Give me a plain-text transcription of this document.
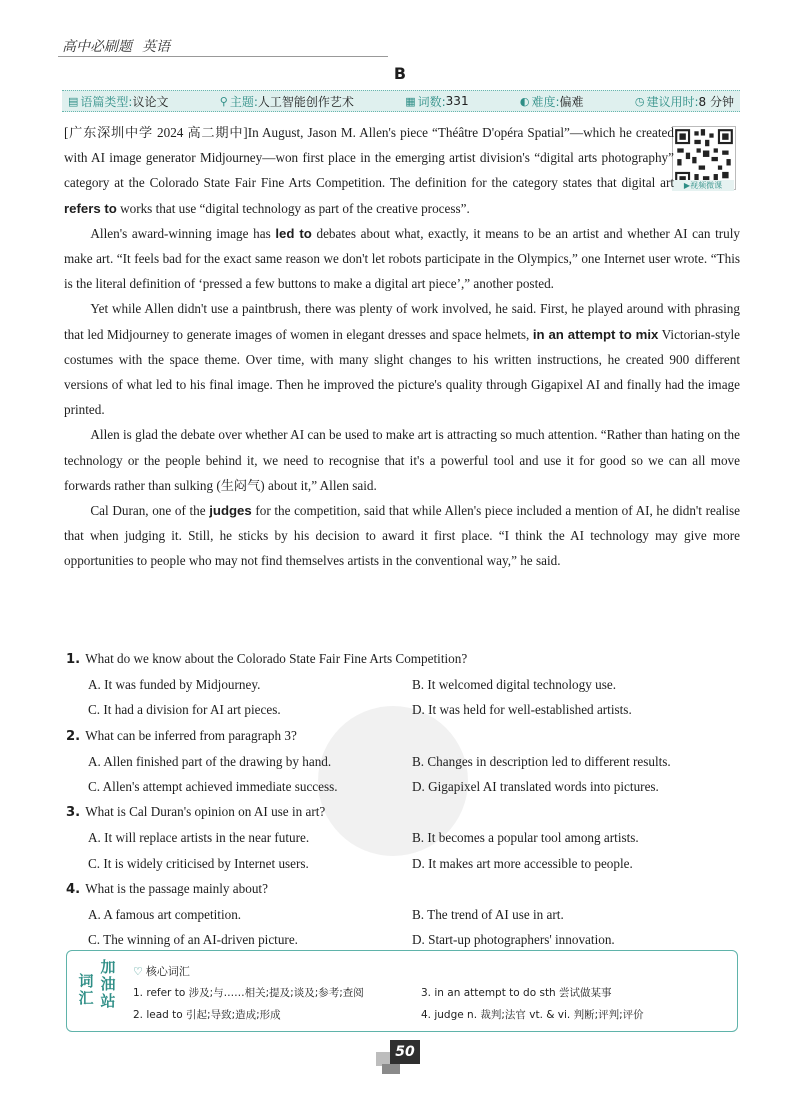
高中必刷题 英语
B
▤ 语篇类型: 议论文	⚲ 主题: 人工智能创作艺术	▦ 词数: 331	◐ 难度: 偏难	◷ 建议用时: 8 分钟
▶视频微课

[广东深圳中学 2024 高二期中]In August, Jason M. Allen's piece “Théâtre D'opéra Spatial”—which he created with AI image generator Midjourney—won first place in the emerging artist division's “digital arts photography” category at the Colorado State Fair Fine Arts Competition. The definition for the category states that digital art refers to works that use “digital technology as part of the creative process”.

Allen's award-winning image has led to debates about what, exactly, it means to be an artist and whether AI can truly make art. “It feels bad for the exact same reason we don't let robots participate in the Olympics,” one Internet user wrote. “This is the literal definition of ‘pressed a few buttons to make a digital art piece’,” another posted.

Yet while Allen didn't use a paintbrush, there was plenty of work involved, he said. First, he played around with phrasing that led Midjourney to generate images of women in elegant dresses and space helmets, in an attempt to mix Victorian-style costumes with the space theme. Over time, with many slight changes to his written instructions, he created 900 different versions of what led to his final image. Then he improved the picture's quality through Gigapixel AI and finally had the image printed.

Allen is glad the debate over whether AI can be used to make art is attracting so much attention. “Rather than hating on the technology or the people behind it, we need to recognise that it's a powerful tool and use it for good so we can all move forwards rather than sulking (生闷气) about it,” Allen said.

Cal Duran, one of the judges for the competition, said that while Allen's piece included a mention of AI, he didn't realise that when judging it. Still, he sticks by his decision to award it first place. “I think the AI technology may give more opportunities to people who may not find themselves artists in the conventional way,” he said.

1. What do we know about the Colorado State Fair Fine Arts Competition?
A. It was funded by Midjourney.	B. It welcomed digital technology use.
C. It had a division for AI art pieces.	D. It was held for well-established artists.
2. What can be inferred from paragraph 3?
A. Allen finished part of the drawing by hand.	B. Changes in description led to different results.
C. Allen's attempt achieved immediate success.	D. Gigapixel AI translated words into pictures.
3. What is Cal Duran's opinion on AI use in art?
A. It will replace artists in the near future.	B. It becomes a popular tool among artists.
C. It is widely criticised by Internet users.	D. It makes art more accessible to people.
4. What is the passage mainly about?
A. A famous art competition.	B. The trend of AI use in art.
C. The winning of an AI-driven picture.	D. Start-up photographers' innovation.
词汇
加油站
♡ 核心词汇
1. refer to 涉及;与……相关;提及;谈及;参考;查阅	3. in an attempt to do sth 尝试做某事
2. lead to 引起;导致;造成;形成	4. judge n. 裁判;法官 vt. & vi. 判断;评判;评价
50
